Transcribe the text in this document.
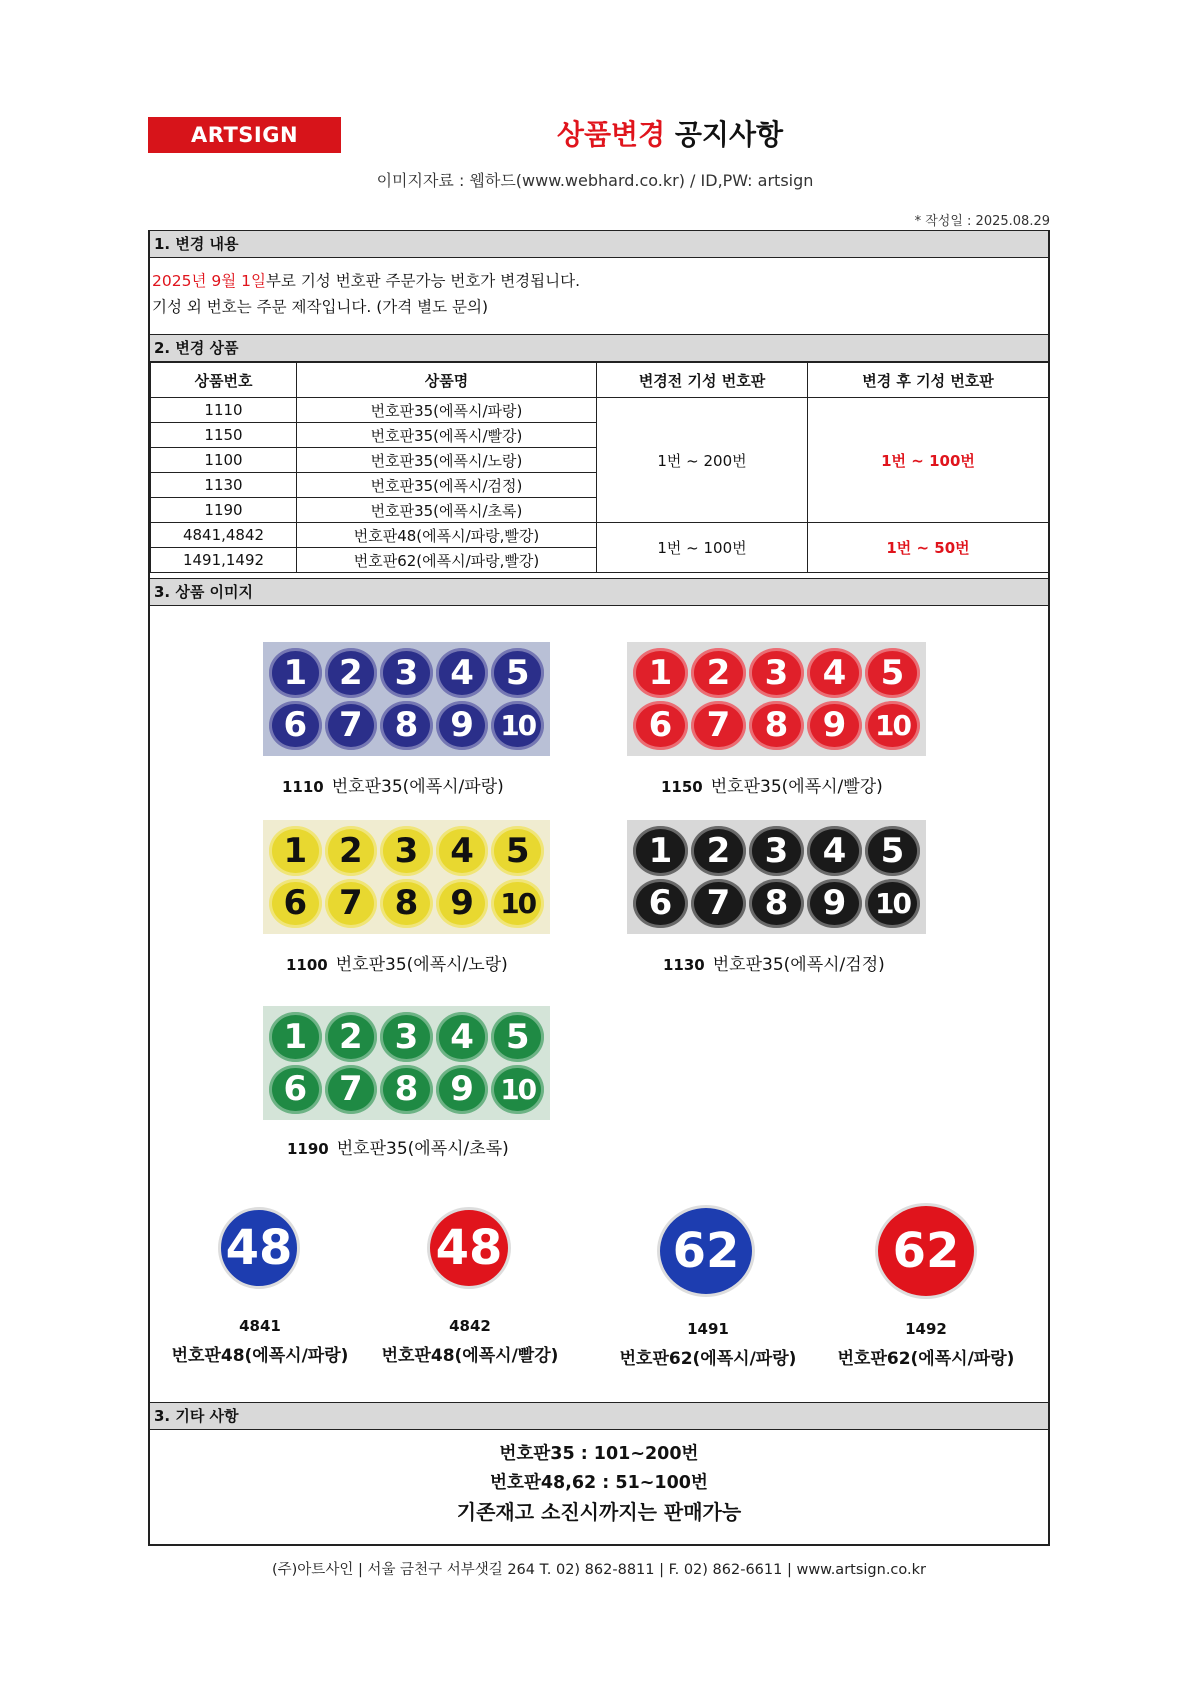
ARTSIGN	상품변경 공지사항
이미지자료 : 웹하드(www.webhard.co.kr) / ID,PW: artsign
* 작성일 : 2025.08.29
1. 변경 내용
2025년 9월 1일부로 기성 번호판 주문가능 번호가 변경됩니다.
기성 외 번호는 주문 제작입니다. (가격 별도 문의)
2. 변경 상품
상품번호	상품명	변경전 기성 번호판	변경 후 기성 번호판
1110	번호판35(에폭시/파랑)	1번 ~ 200번	1번 ~ 100번
1150	번호판35(에폭시/빨강)		
1100	번호판35(에폭시/노랑)		
1130	번호판35(에폭시/검정)		
1190	번호판35(에폭시/초록)		
4841,4842	번호판48(에폭시/파랑,빨강)	1번 ~ 100번	1번 ~ 50번
1491,1492	번호판62(에폭시/파랑,빨강)		
3. 상품 이미지
1 2 3 4 5
6 7 8 9 10
1110 번호판35(에폭시/파랑)
1	2	3	4	5
6	7	8	9	10
1150 번호판35(에폭시/빨강)
1 2 3 4 5
6 7 8 9 10
1100 번호판35(에폭시/노랑)
1	2	3	4	5
6	7	8	9	10
1130 번호판35(에폭시/검정)
1 2 3 4 5
6 7 8 9 10
1190 번호판35(에폭시/초록)
48
4841
번호판48(에폭시/파랑)
48
4842
번호판48(에폭시/빨강)
62
1491
번호판62(에폭시/파랑)
62
1492
번호판62(에폭시/파랑)
3. 기타 사항
번호판35 : 101~200번
번호판48,62 : 51~100번
기존재고 소진시까지는 판매가능
(주)아트사인 | 서울 금천구 서부샛길 264 T. 02) 862-8811 | F. 02) 862-6611 | www.artsign.co.kr
